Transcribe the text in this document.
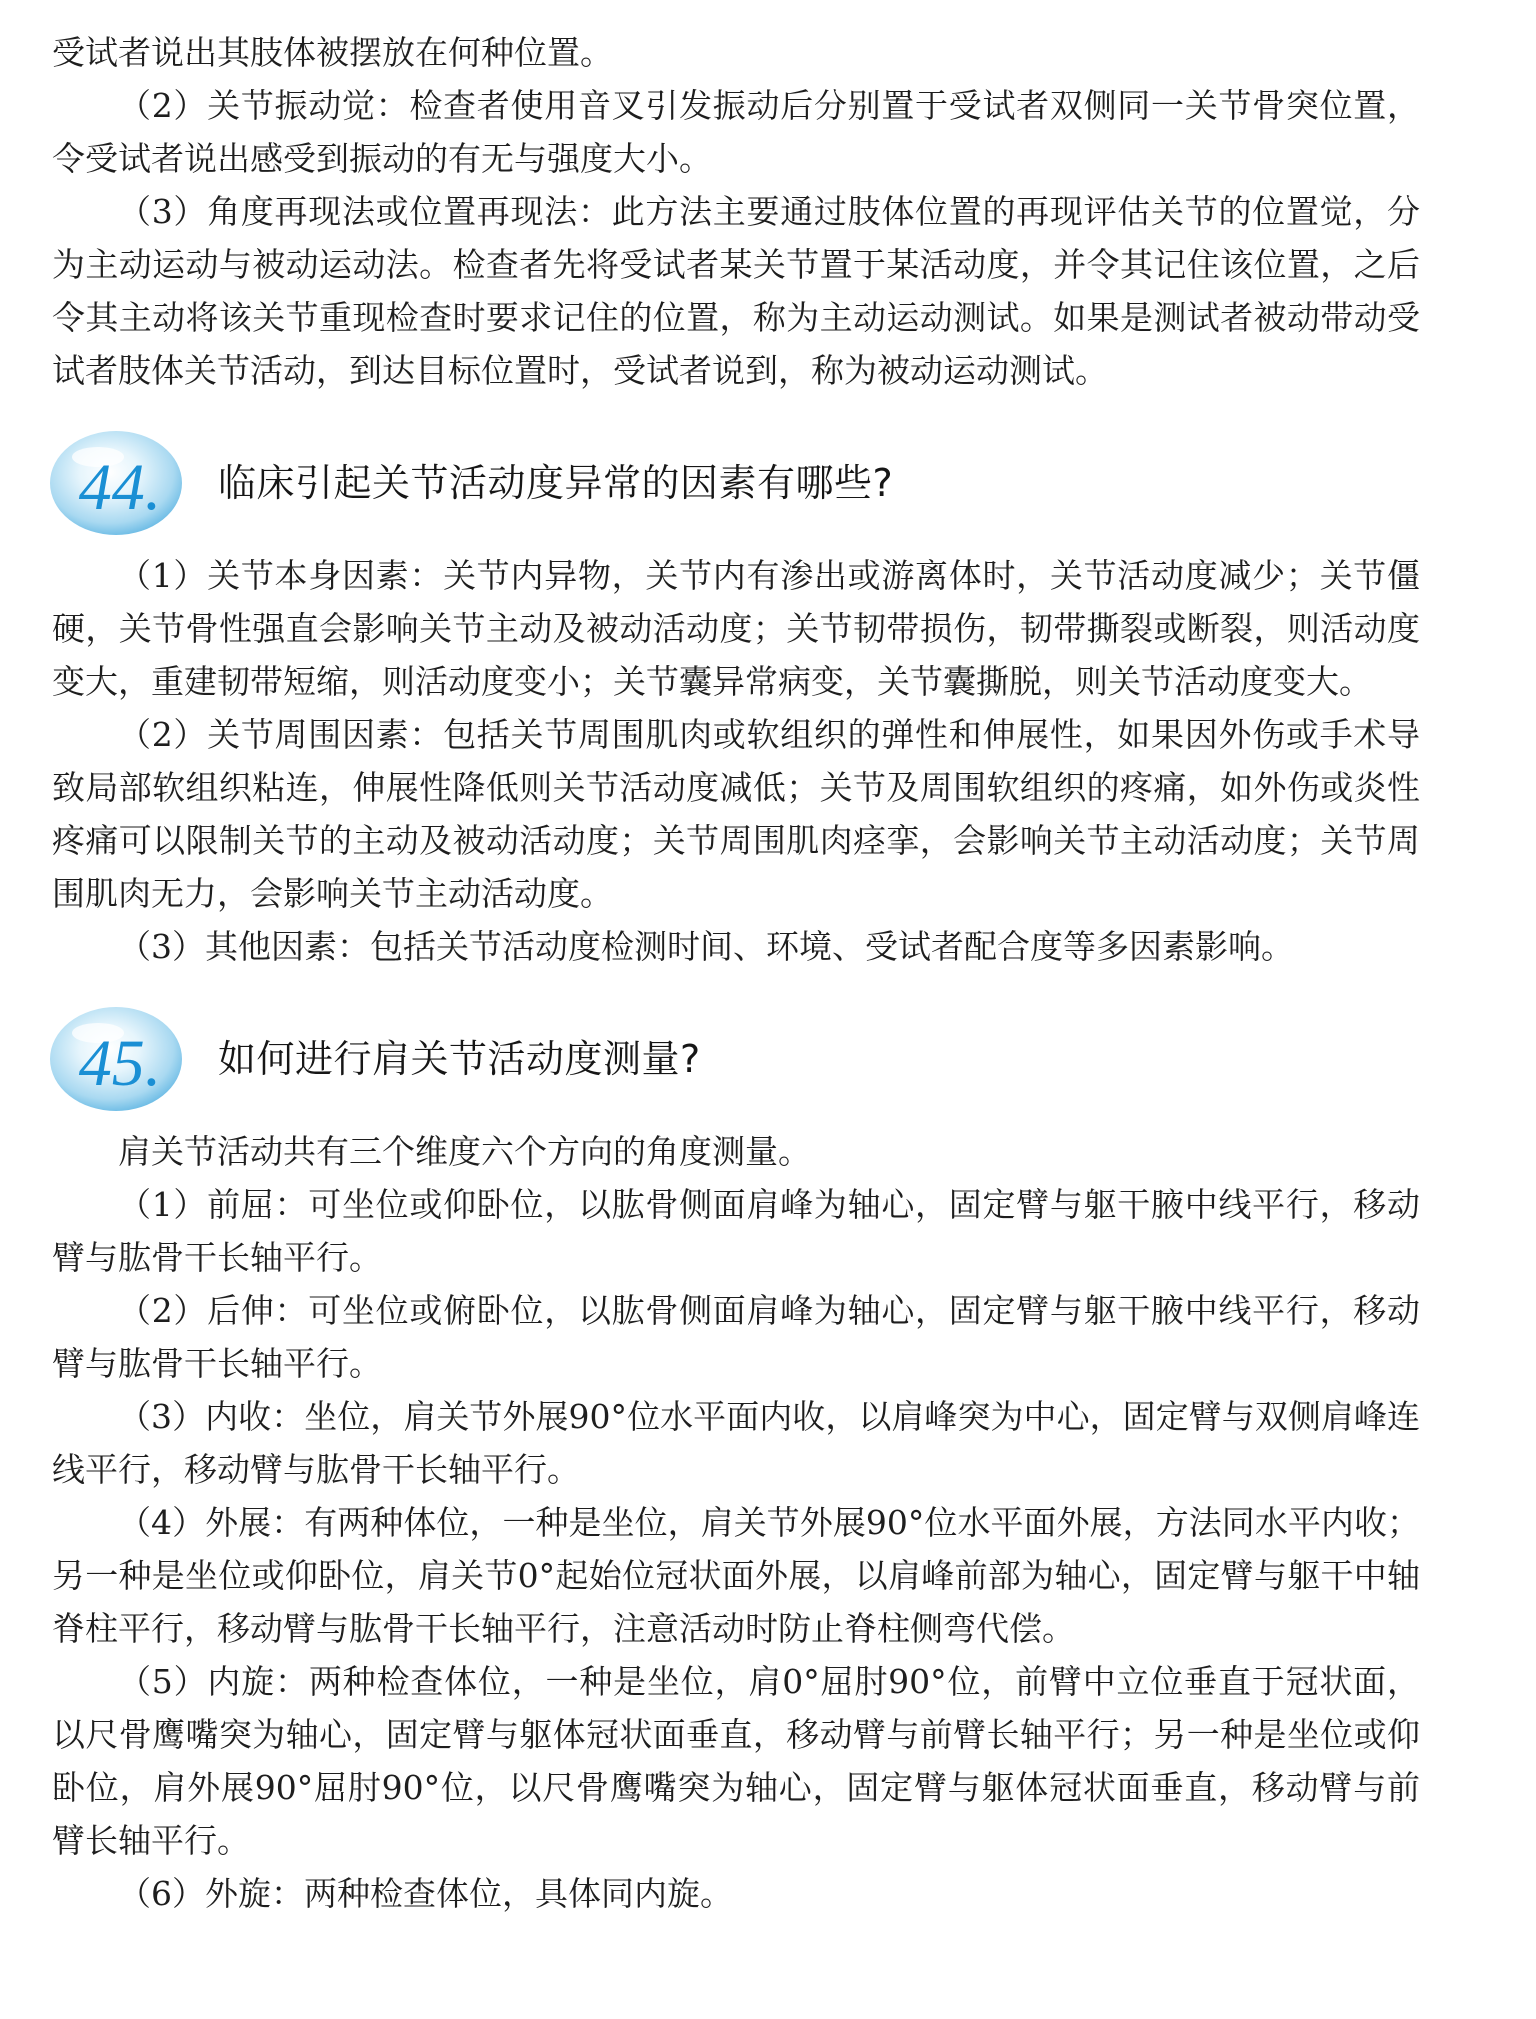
受试者说出其肢体被摆放在何种位置。

（2）关节振动觉：检查者使用音叉引发振动后分别置于受试者双侧同一关节骨突位置，令受试者说出感受到振动的有无与强度大小。

（3）角度再现法或位置再现法：此方法主要通过肢体位置的再现评估关节的位置觉，分为主动运动与被动运动法。检查者先将受试者某关节置于某活动度，并令其记住该位置，之后令其主动将该关节重现检查时要求记住的位置，称为主动运动测试。如果是测试者被动带动受试者肢体关节活动，到达目标位置时，受试者说到，称为被动运动测试。

44. 临床引起关节活动度异常的因素有哪些?

（1）关节本身因素：关节内异物，关节内有渗出或游离体时，关节活动度减少；关节僵硬，关节骨性强直会影响关节主动及被动活动度；关节韧带损伤，韧带撕裂或断裂，则活动度变大，重建韧带短缩，则活动度变小；关节囊异常病变，关节囊撕脱，则关节活动度变大。

（2）关节周围因素：包括关节周围肌肉或软组织的弹性和伸展性，如果因外伤或手术导致局部软组织粘连，伸展性降低则关节活动度减低；关节及周围软组织的疼痛，如外伤或炎性疼痛可以限制关节的主动及被动活动度；关节周围肌肉痉挛，会影响关节主动活动度；关节周围肌肉无力，会影响关节主动活动度。

（3）其他因素：包括关节活动度检测时间、环境、受试者配合度等多因素影响。

45. 如何进行肩关节活动度测量?

肩关节活动共有三个维度六个方向的角度测量。

（1）前屈：可坐位或仰卧位，以肱骨侧面肩峰为轴心，固定臂与躯干腋中线平行，移动臂与肱骨干长轴平行。

（2）后伸：可坐位或俯卧位，以肱骨侧面肩峰为轴心，固定臂与躯干腋中线平行，移动臂与肱骨干长轴平行。

（3）内收：坐位，肩关节外展90°位水平面内收，以肩峰突为中心，固定臂与双侧肩峰连线平行，移动臂与肱骨干长轴平行。

（4）外展：有两种体位，一种是坐位，肩关节外展90°位水平面外展，方法同水平内收；另一种是坐位或仰卧位，肩关节0°起始位冠状面外展，以肩峰前部为轴心，固定臂与躯干中轴脊柱平行，移动臂与肱骨干长轴平行，注意活动时防止脊柱侧弯代偿。

（5）内旋：两种检查体位，一种是坐位，肩0°屈肘90°位，前臂中立位垂直于冠状面，以尺骨鹰嘴突为轴心，固定臂与躯体冠状面垂直，移动臂与前臂长轴平行；另一种是坐位或仰卧位，肩外展90°屈肘90°位，以尺骨鹰嘴突为轴心，固定臂与躯体冠状面垂直，移动臂与前臂长轴平行。

（6）外旋：两种检查体位，具体同内旋。
